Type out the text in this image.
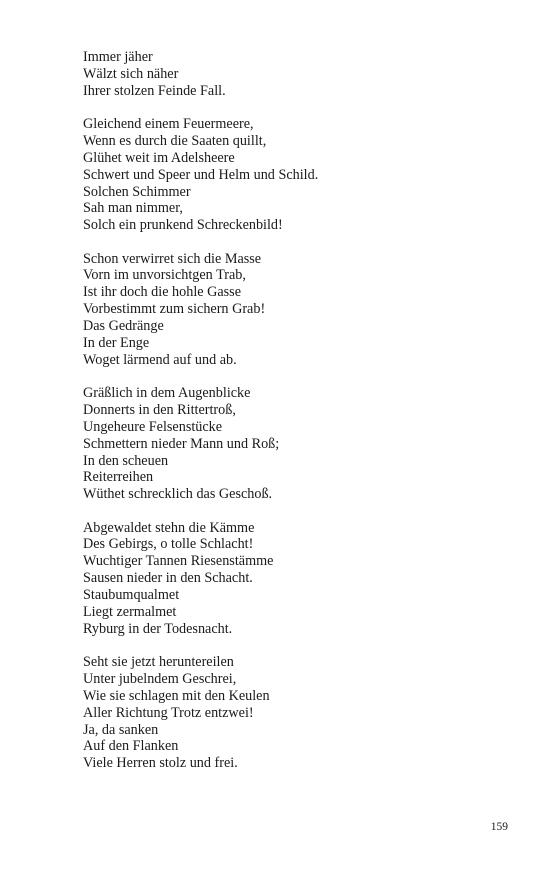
Immer jäher
Wälzt sich näher
Ihrer stolzen Feinde Fall.
Gleichend einem Feuermeere,
Wenn es durch die Saaten quillt,
Glühet weit im Adelsheere
Schwert und Speer und Helm und Schild.
Solchen Schimmer
Sah man nimmer,
Solch ein prunkend Schreckenbild!
Schon verwirret sich die Masse
Vorn im unvorsichtgen Trab,
Ist ihr doch die hohle Gasse
Vorbestimmt zum sichern Grab!
Das Gedränge
In der Enge
Woget lärmend auf und ab.
Gräßlich in dem Augenblicke
Donnerts in den Rittertroß,
Ungeheure Felsenstücke
Schmettern nieder Mann und Roß;
In den scheuen
Reiterreihen
Wüthet schrecklich das Geschoß.
Abgewaldet stehn die Kämme
Des Gebirgs, o tolle Schlacht!
Wuchtiger Tannen Riesenstämme
Sausen nieder in den Schacht.
Staubumqualmet
Liegt zermalmet
Ryburg in der Todesnacht.
Seht sie jetzt heruntereilen
Unter jubelndem Geschrei,
Wie sie schlagen mit den Keulen
Aller Richtung Trotz entzwei!
Ja, da sanken
Auf den Flanken
Viele Herren stolz und frei.
159
